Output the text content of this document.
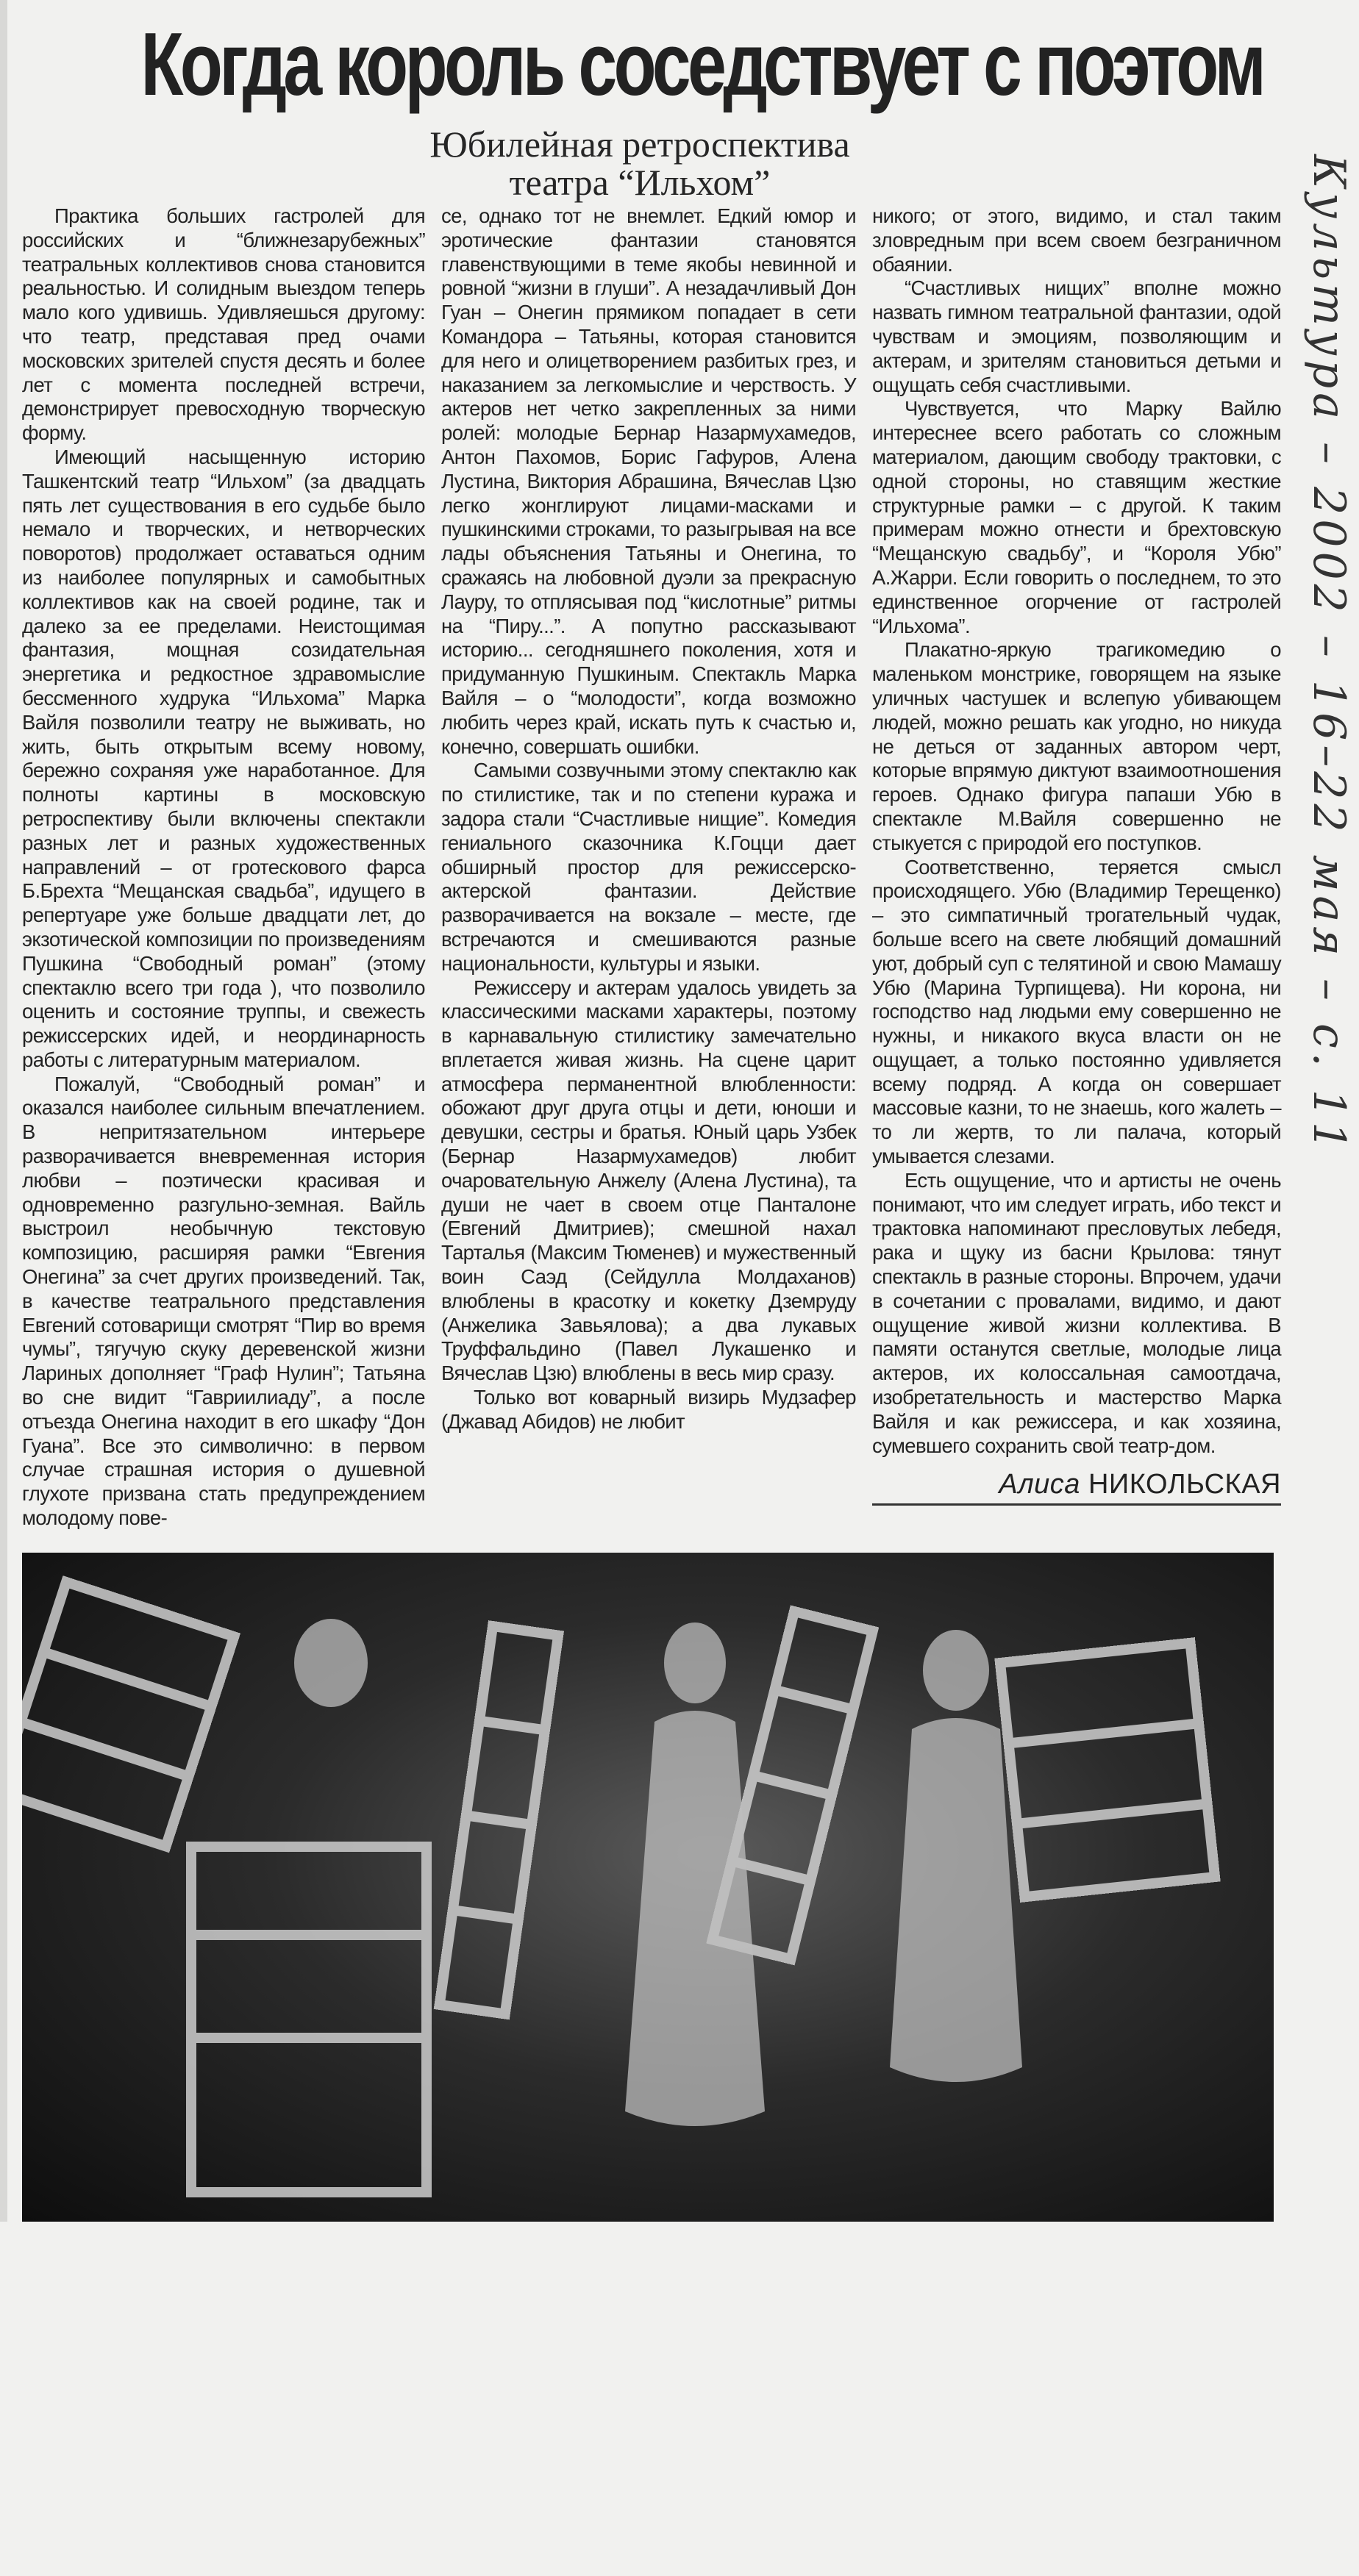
Когда король соседствует с поэтом
Юбилейная ретроспектива
театра “Ильхом”

Практика больших гастролей для российских и “ближнезарубежных” театральных коллективов снова становится реальностью. И солидным выездом теперь мало кого удивишь. Удивляешься другому: что театр, представая пред очами московских зрителей спустя десять и более лет с момента последней встречи, демонстрирует превосходную творческую форму.

Имеющий насыщенную историю Ташкентский театр “Ильхом” (за двадцать пять лет существования в его судьбе было немало и творческих, и нетворческих поворотов) продолжает оставаться одним из наиболее популярных и самобытных коллективов как на своей родине, так и далеко за ее пределами. Неистощимая фантазия, мощная созидательная энергетика и редкостное здравомыслие бессменного худрука “Ильхома” Марка Вайля позволили театру не выживать, но жить, быть открытым всему новому, бережно сохраняя уже наработанное. Для полноты картины в московскую ретроспективу были включены спектакли разных лет и разных художественных направлений – от гротескового фарса Б.Брехта “Мещанская свадьба”, идущего в репертуаре уже больше двадцати лет, до экзотической композиции по произведениям Пушкина “Свободный роман” (этому спектаклю всего три года ), что позволило оценить и состояние труппы, и свежесть режиссерских идей, и неординарность работы с литературным материалом.

Пожалуй, “Свободный роман” и оказался наиболее сильным впечатлением. В непритязательном интерьере разворачивается вневременная история любви – поэтически красивая и одновременно разгульно-земная. Вайль выстроил необычную текстовую композицию, расширяя рамки “Евгения Онегина” за счет других произведений. Так, в качестве театрального представления Евгений сотоварищи смотрят “Пир во время чумы”, тягучую скуку деревенской жизни Лариных дополняет “Граф Нулин”; Татьяна во сне видит “Гавриилиаду”, а после отъезда Онегина находит в его шкафу “Дон Гуана”. Все это символично: в первом случае страшная история о душевной глухоте призвана стать предупреждением молодому пове-

се, однако тот не внемлет. Едкий юмор и эротические фантазии становятся главенствующими в теме якобы невинной и ровной “жизни в глуши”. А незадачливый Дон Гуан – Онегин прямиком попадает в сети Командора – Татьяны, которая становится для него и олицетворением разбитых грез, и наказанием за легкомыслие и черствость. У актеров нет четко закрепленных за ними ролей: молодые Бернар Назармухамедов, Антон Пахомов, Борис Гафуров, Алена Лустина, Виктория Абрашина, Вячеслав Цзю легко жонглируют лицами-масками и пушкинскими строками, то разыгрывая на все лады объяснения Татьяны и Онегина, то сражаясь на любовной дуэли за прекрасную Лауру, то отплясывая под “кислотные” ритмы на “Пиру...”. А попутно рассказывают историю... сегодняшнего поколения, хотя и придуманную Пушкиным. Спектакль Марка Вайля – о “молодости”, когда возможно любить через край, искать путь к счастью и, конечно, совершать ошибки.

Самыми созвучными этому спектаклю как по стилистике, так и по степени куража и задора стали “Счастливые нищие”. Комедия гениального сказочника К.Гоцци дает обширный простор для режиссерско-актерской фантазии. Действие разворачивается на вокзале – месте, где встречаются и смешиваются разные национальности, культуры и языки.

Режиссеру и актерам удалось увидеть за классическими масками характеры, поэтому в карнавальную стилистику замечательно вплетается живая жизнь. На сцене царит атмосфера перманентной влюбленности: обожают друг друга отцы и дети, юноши и девушки, сестры и братья. Юный царь Узбек (Бернар Назармухамедов) любит очаровательную Анжелу (Алена Лустина), та души не чает в своем отце Панталоне (Евгений Дмитриев); смешной нахал Тарталья (Максим Тюменев) и мужественный воин Саэд (Сейдулла Молдаханов) влюблены в красотку и кокетку Дземруду (Анжелика Завьялова); а два лукавых Труффальдино (Павел Лукашенко и Вячеслав Цзю) влюблены в весь мир сразу.

Только вот коварный визирь Мудзафер (Джавад Абидов) не любит

никого; от этого, видимо, и стал таким зловредным при всем своем безграничном обаянии.

“Счастливых нищих” вполне можно назвать гимном театральной фантазии, одой чувствам и эмоциям, позволяющим и актерам, и зрителям становиться детьми и ощущать себя счастливыми.

Чувствуется, что Марку Вайлю интереснее всего работать со сложным материалом, дающим свободу трактовки, с одной стороны, но ставящим жесткие структурные рамки – с другой. К таким примерам можно отнести и брехтовскую “Мещанскую свадьбу”, и “Короля Убю” А.Жарри. Если говорить о последнем, то это единственное огорчение от гастролей “Ильхома”.

Плакатно-яркую трагикомедию о маленьком монстрике, говорящем на языке уличных частушек и вслепую убивающем людей, можно решать как угодно, но никуда не деться от заданных автором черт, которые впрямую диктуют взаимоотношения героев. Однако фигура папаши Убю в спектакле М.Вайля совершенно не стыкуется с природой его поступков.

Соответственно, теряется смысл происходящего. Убю (Владимир Терещенко) – это симпатичный трогательный чудак, больше всего на свете любящий домашний уют, добрый суп с телятиной и свою Мамашу Убю (Марина Турпищева). Ни корона, ни господство над людьми ему совершенно не нужны, и никакого вкуса власти он не ощущает, а только постоянно удивляется всему подряд. А когда он совершает массовые казни, то не знаешь, кого жалеть – то ли жертв, то ли палача, который умывается слезами.

Есть ощущение, что и артисты не очень понимают, что им следует играть, ибо текст и трактовка напоминают пресловутых лебедя, рака и щуку из басни Крылова: тянут спектакль в разные стороны. Впрочем, удачи в сочетании с провалами, видимо, и дают ощущение живой жизни коллектива. В памяти останутся светлые, молодые лица актеров, их колоссальная самоотдача, изобретательность и мастерство Марка Вайля и как режиссера, и как хозяина, сумевшего сохранить свой театр-дом.

Алиса НИКОЛЬСКАЯ
Культура – 2002 – 16–22 мая – с. 11
